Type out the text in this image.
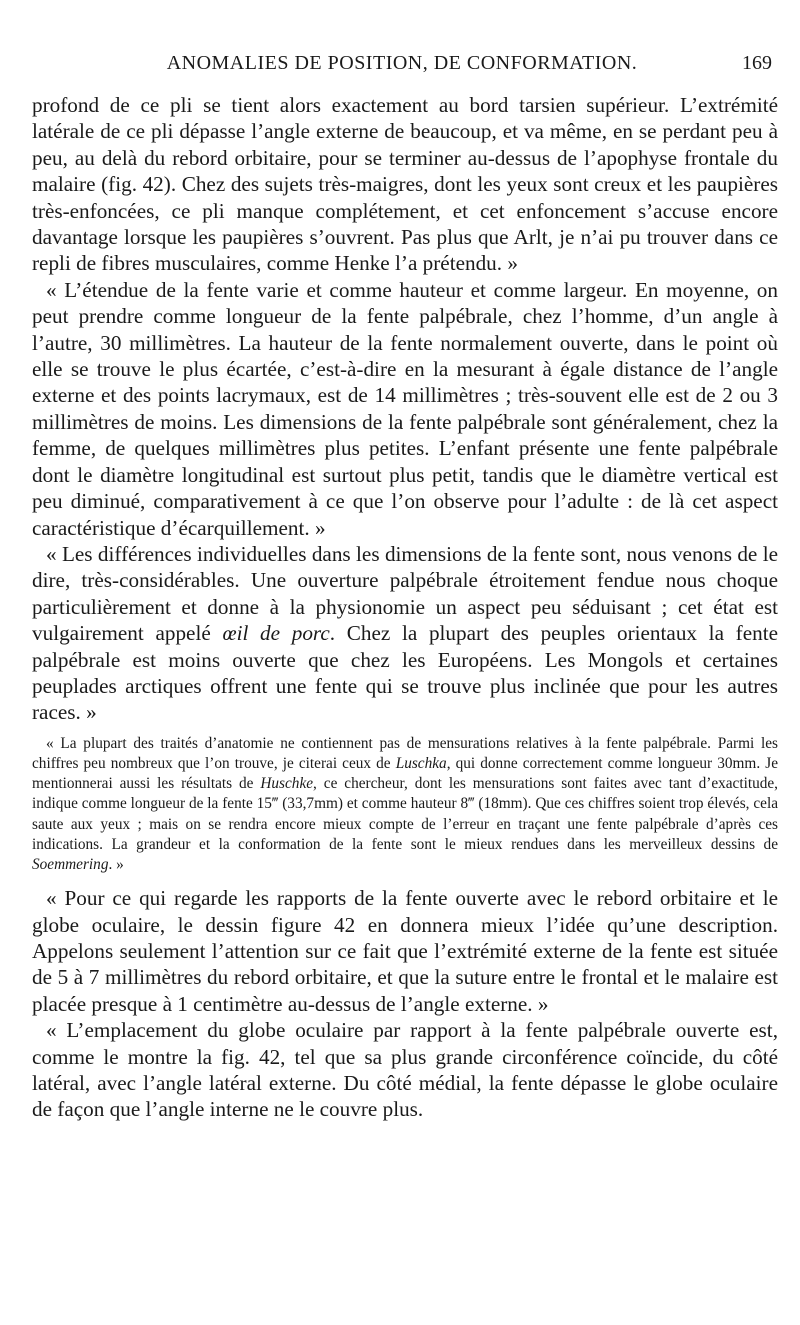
ANOMALIES DE POSITION, DE CONFORMATION.	169

profond de ce pli se tient alors exactement au bord tarsien supérieur. L’extrémité latérale de ce pli dépasse l’angle externe de beaucoup, et va même, en se perdant peu à peu, au delà du rebord orbitaire, pour se terminer au-dessus de l’apophyse frontale du malaire (fig. 42). Chez des sujets très-maigres, dont les yeux sont creux et les paupières très-enfoncées, ce pli manque complétement, et cet enfoncement s’accuse encore davantage lorsque les paupières s’ouvrent. Pas plus que Arlt, je n’ai pu trouver dans ce repli de fibres musculaires, comme Henke l’a prétendu. »

« L’étendue de la fente varie et comme hauteur et comme largeur. En moyenne, on peut prendre comme longueur de la fente palpébrale, chez l’homme, d’un angle à l’autre, 30 millimètres. La hauteur de la fente normalement ouverte, dans le point où elle se trouve le plus écartée, c’est-à-dire en la mesurant à égale distance de l’angle externe et des points lacrymaux, est de 14 millimètres ; très-souvent elle est de 2 ou 3 millimètres de moins. Les dimensions de la fente palpébrale sont généralement, chez la femme, de quelques millimètres plus petites. L’enfant présente une fente palpébrale dont le diamètre longitudinal est surtout plus petit, tandis que le diamètre vertical est peu diminué, comparativement à ce que l’on observe pour l’adulte : de là cet aspect caractéristique d’écarquillement. »

« Les différences individuelles dans les dimensions de la fente sont, nous venons de le dire, très-considérables. Une ouverture palpébrale étroitement fendue nous choque particulièrement et donne à la physionomie un aspect peu séduisant ; cet état est vulgairement appelé œil de porc. Chez la plupart des peuples orientaux la fente palpébrale est moins ouverte que chez les Européens. Les Mongols et certaines peuplades arctiques offrent une fente qui se trouve plus inclinée que pour les autres races. »

« La plupart des traités d’anatomie ne contiennent pas de mensurations relatives à la fente palpébrale. Parmi les chiffres peu nombreux que l’on trouve, je citerai ceux de Luschka, qui donne correctement comme longueur 30mm. Je mentionnerai aussi les résultats de Huschke, ce chercheur, dont les mensurations sont faites avec tant d’exactitude, indique comme longueur de la fente 15‴ (33,7mm) et comme hauteur 8‴ (18mm). Que ces chiffres soient trop élevés, cela saute aux yeux ; mais on se rendra encore mieux compte de l’erreur en traçant une fente palpébrale d’après ces indications. La grandeur et la conformation de la fente sont le mieux rendues dans les merveilleux dessins de Soemmering. »

« Pour ce qui regarde les rapports de la fente ouverte avec le rebord orbitaire et le globe oculaire, le dessin figure 42 en donnera mieux l’idée qu’une description. Appelons seulement l’attention sur ce fait que l’extrémité externe de la fente est située de 5 à 7 millimètres du rebord orbitaire, et que la suture entre le frontal et le malaire est placée presque à 1 centimètre au-dessus de l’angle externe. »

« L’emplacement du globe oculaire par rapport à la fente palpébrale ouverte est, comme le montre la fig. 42, tel que sa plus grande circonférence coïncide, du côté latéral, avec l’angle latéral externe. Du côté médial, la fente dépasse le globe oculaire de façon que l’angle interne ne le couvre plus.
